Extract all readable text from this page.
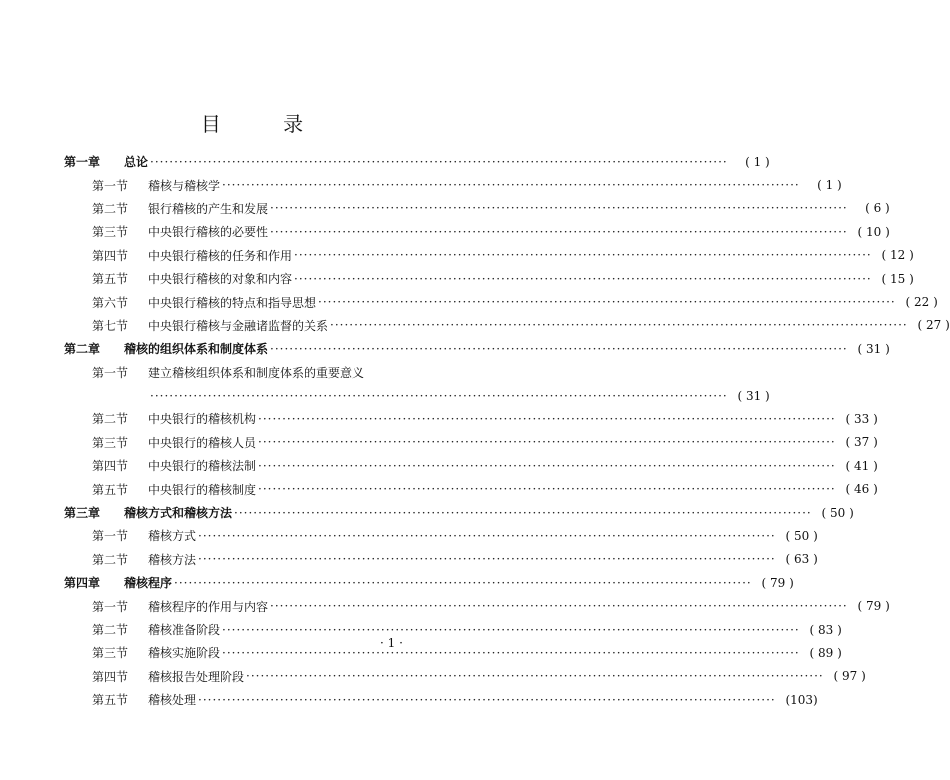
目 录
第一章	总论 ························································································································	( 1 )
第一节	稽核与稽核学 ························································································································	( 1 )
第二节	银行稽核的产生和发展 ························································································································	( 6 )
第三节	中央银行稽核的必要性 ························································································································ ( 10 )
第四节	中央银行稽核的任务和作用 ························································································································ ( 12 )
第五节	中央银行稽核的对象和内容 ························································································································ ( 15 )
第六节	中央银行稽核的特点和指导思想 ························································································································ ( 22 )
第七节	中央银行稽核与金融诸监督的关系 ························································································································ ( 27 )
第二章	稽核的组织体系和制度体系 ························································································································ ( 31 )
第一节	建立稽核组织体系和制度体系的重要意义
························································································································ ( 31 )
第二节	中央银行的稽核机构 ························································································································ ( 33 )
第三节	中央银行的稽核人员 ························································································································ ( 37 )
第四节	中央银行的稽核法制 ························································································································ ( 41 )
第五节	中央银行的稽核制度 ························································································································ ( 46 )
第三章	稽核方式和稽核方法 ························································································································ ( 50 )
第一节	稽核方式 ························································································································ ( 50 )
第二节	稽核方法 ························································································································ ( 63 )
第四章	稽核程序 ························································································································ ( 79 )
第一节	稽核程序的作用与内容 ························································································································ ( 79 )
第二节	稽核准备阶段 ························································································································ ( 83 )
第三节	稽核实施阶段 ························································································································ ( 89 )
第四节	稽核报告处理阶段 ························································································································ ( 97 )
第五节	稽核处理 ························································································································ (103)
· 1 ·
